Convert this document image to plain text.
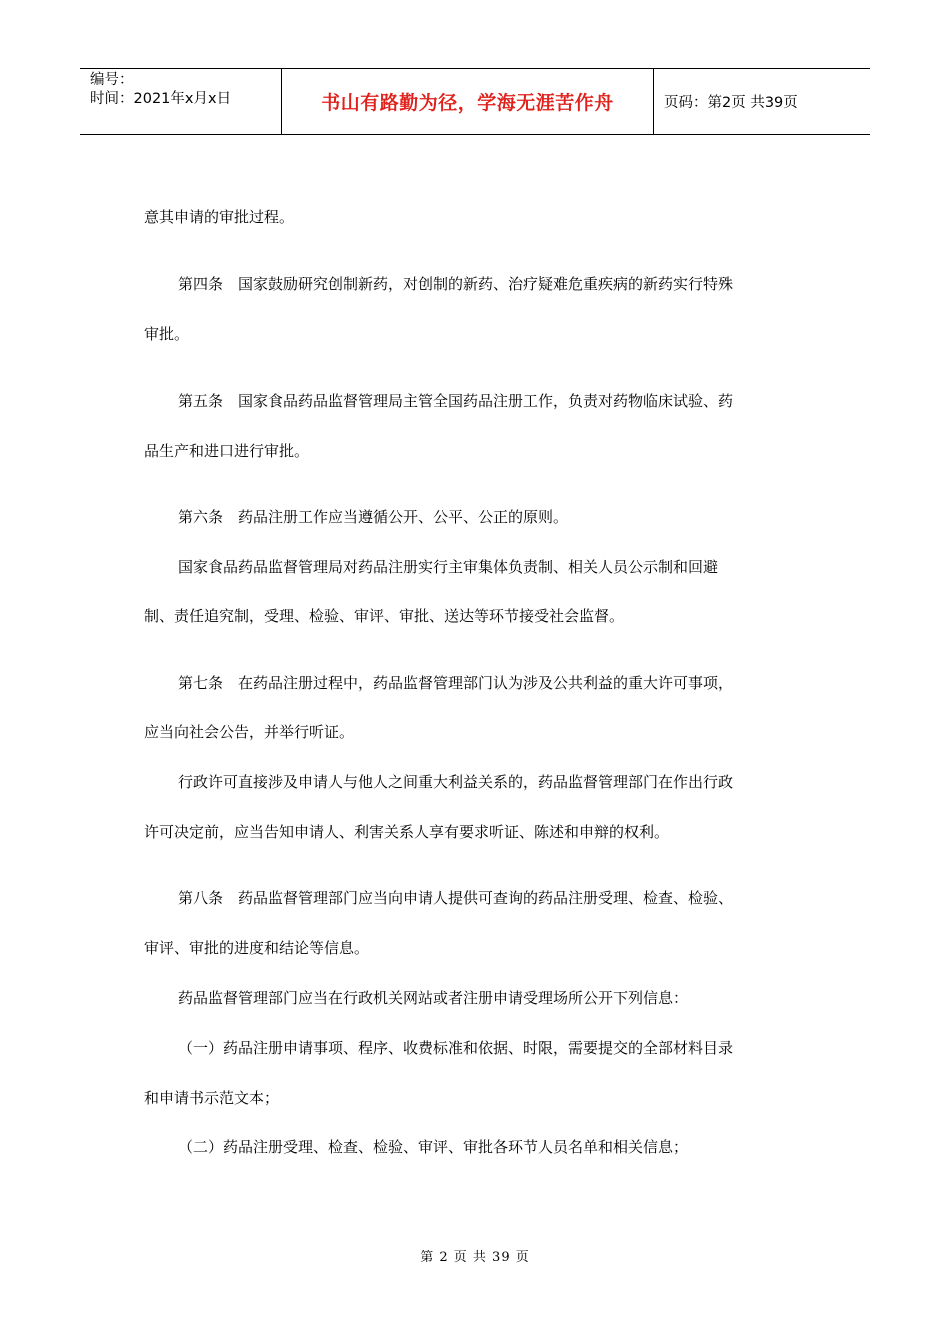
编号：
时间：2021年x月x日	书山有路勤为径，学海无涯苦作舟	页码：第2页 共39页
意其申请的审批过程。
第四条　国家鼓励研究创制新药，对创制的新药、治疗疑难危重疾病的新药实行特殊
审批。
第五条　国家食品药品监督管理局主管全国药品注册工作，负责对药物临床试验、药
品生产和进口进行审批。
第六条　药品注册工作应当遵循公开、公平、公正的原则。
国家食品药品监督管理局对药品注册实行主审集体负责制、相关人员公示制和回避
制、责任追究制，受理、检验、审评、审批、送达等环节接受社会监督。
第七条　在药品注册过程中，药品监督管理部门认为涉及公共利益的重大许可事项，
应当向社会公告，并举行听证。
行政许可直接涉及申请人与他人之间重大利益关系的，药品监督管理部门在作出行政
许可决定前，应当告知申请人、利害关系人享有要求听证、陈述和申辩的权利。
第八条　药品监督管理部门应当向申请人提供可查询的药品注册受理、检查、检验、
审评、审批的进度和结论等信息。
药品监督管理部门应当在行政机关网站或者注册申请受理场所公开下列信息：
（一）药品注册申请事项、程序、收费标准和依据、时限，需要提交的全部材料目录
和申请书示范文本；
（二）药品注册受理、检查、检验、审评、审批各环节人员名单和相关信息；
第 2 页 共 39 页
